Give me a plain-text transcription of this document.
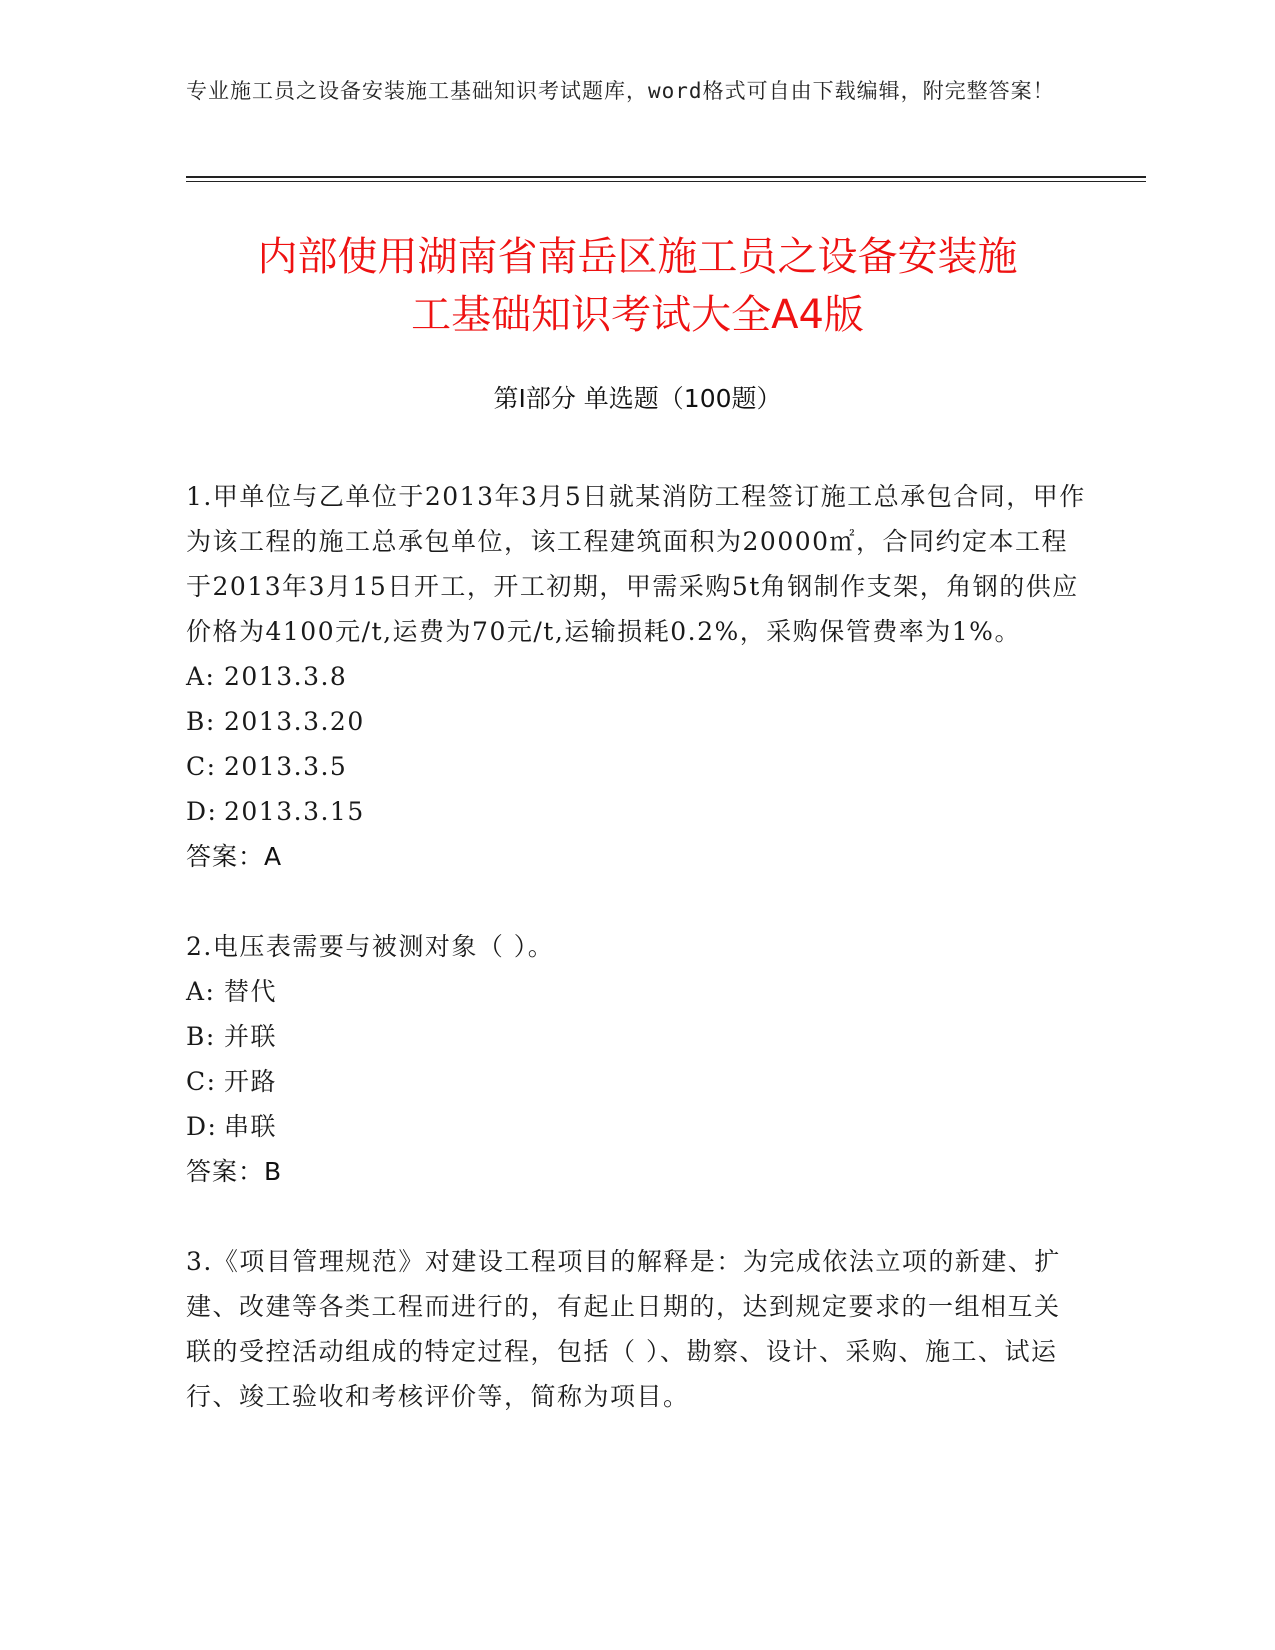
专业施工员之设备安装施工基础知识考试题库，word格式可自由下载编辑，附完整答案！
内部使用湖南省南岳区施工员之设备安装施
工基础知识考试大全A4版
第Ⅰ部分 单选题（100题）

1.甲单位与乙单位于2013年3月5日就某消防工程签订施工总承包合同，甲作为该工程的施工总承包单位，该工程建筑面积为20000㎡，合同约定本工程于2013年3月15日开工，开工初期，甲需采购5t角钢制作支架，角钢的供应价格为4100元/t,运费为70元/t,运输损耗0.2%，采购保管费率为1%。

A: 2013.3.8
B: 2013.3.20
C: 2013.3.5
D: 2013.3.15
答案：A

2.电压表需要与被测对象（ ）。

A: 替代
B: 并联
C: 开路
D: 串联
答案：B

3.《项目管理规范》对建设工程项目的解释是：为完成依法立项的新建、扩建、改建等各类工程而进行的，有起止日期的，达到规定要求的一组相互关联的受控活动组成的特定过程，包括（ ）、勘察、设计、采购、施工、试运行、竣工验收和考核评价等，简称为项目。
